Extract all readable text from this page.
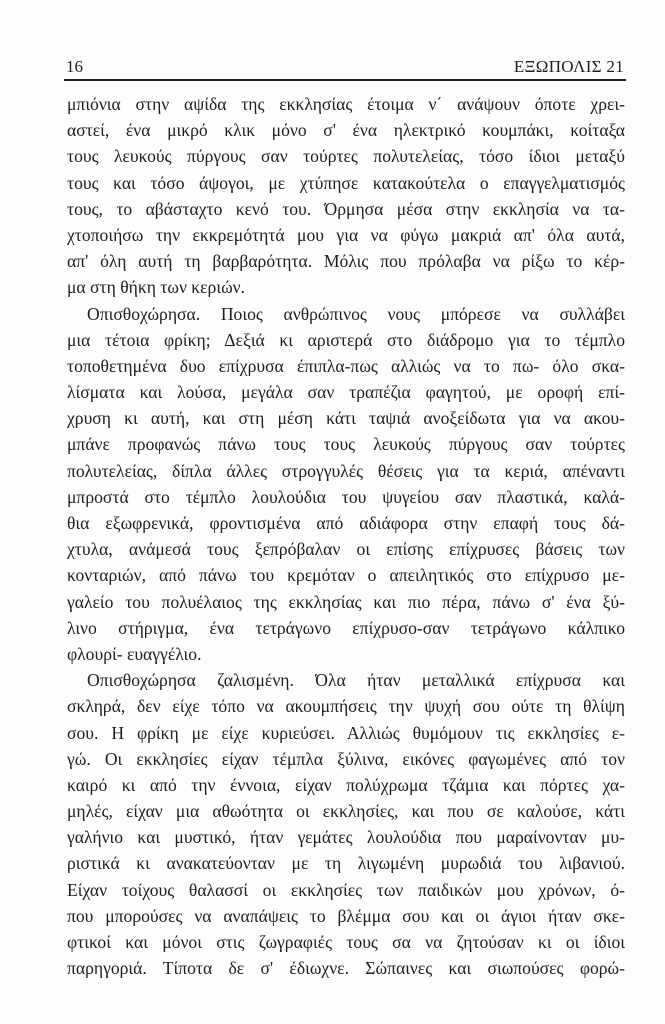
16	ΕΞΩΠΟΛΙΣ 21
μπιόνια στην αψίδα της εκκλησίας έτοιμα ν΄ ανάψουν όποτε χρει-
αστεί, ένα μικρό κλικ μόνο σ' ένα ηλεκτρικό κουμπάκι, κοίταξα
τους λευκούς πύργους σαν τούρτες πολυτελείας, τόσο ίδιοι μεταξύ
τους και τόσο άψογοι, με χτύπησε κατακούτελα ο επαγγελματισμός
τους, το αβάσταχτο κενό του. Όρμησα μέσα στην εκκλησία να τα-
χτοποιήσω την εκκρεμότητά μου για να φύγω μακριά απ' όλα αυτά,
απ' όλη αυτή τη βαρβαρότητα. Μόλις που πρόλαβα να ρίξω το κέρ-
μα στη θήκη των κεριών.
Οπισθοχώρησα. Ποιος ανθρώπινος νους μπόρεσε να συλλάβει
μια τέτοια φρίκη; Δεξιά κι αριστερά στο διάδρομο για το τέμπλο
τοποθετημένα δυο επίχρυσα έπιπλα-πως αλλιώς να το πω- όλο σκα-
λίσματα και λούσα, μεγάλα σαν τραπέζια φαγητού, με οροφή επί-
χρυση κι αυτή, και στη μέση κάτι ταψιά ανοξείδωτα για να ακου-
μπάνε προφανώς πάνω τους τους λευκούς πύργους σαν τούρτες
πολυτελείας, δίπλα άλλες στρογγυλές θέσεις για τα κεριά, απέναντι
μπροστά στο τέμπλο λουλούδια του ψυγείου σαν πλαστικά, καλά-
θια εξωφρενικά, φροντισμένα από αδιάφορα στην επαφή τους δά-
χτυλα, ανάμεσά τους ξεπρόβαλαν οι επίσης επίχρυσες βάσεις των
κονταριών, από πάνω του κρεμόταν ο απειλητικός στο επίχρυσο με-
γαλείο του πολυέλαιος της εκκλησίας και πιο πέρα, πάνω σ' ένα ξύ-
λινο στήριγμα, ένα τετράγωνο επίχρυσο-σαν τετράγωνο κάλπικο
φλουρί- ευαγγέλιο.
Οπισθοχώρησα ζαλισμένη. Όλα ήταν μεταλλικά επίχρυσα και
σκληρά, δεν είχε τόπο να ακουμπήσεις την ψυχή σου ούτε τη θλίψη
σου. Η φρίκη με είχε κυριεύσει. Αλλιώς θυμόμουν τις εκκλησίες ε-
γώ. Οι εκκλησίες είχαν τέμπλα ξύλινα, εικόνες φαγωμένες από τον
καιρό κι από την έννοια, είχαν πολύχρωμα τζάμια και πόρτες χα-
μηλές, είχαν μια αθωότητα οι εκκλησίες, και που σε καλούσε, κάτι
γαλήνιο και μυστικό, ήταν γεμάτες λουλούδια που μαραίνονταν μυ-
ριστικά κι ανακατεύονταν με τη λιγωμένη μυρωδιά του λιβανιού.
Είχαν τοίχους θαλασσί οι εκκλησίες των παιδικών μου χρόνων, ό-
που μπορούσες να αναπάψεις το βλέμμα σου και οι άγιοι ήταν σκε-
φτικοί και μόνοι στις ζωγραφιές τους σα να ζητούσαν κι οι ίδιοι
παρηγοριά. Τίποτα δε σ' έδιωχνε. Σώπαινες και σιωπούσες φορώ-
